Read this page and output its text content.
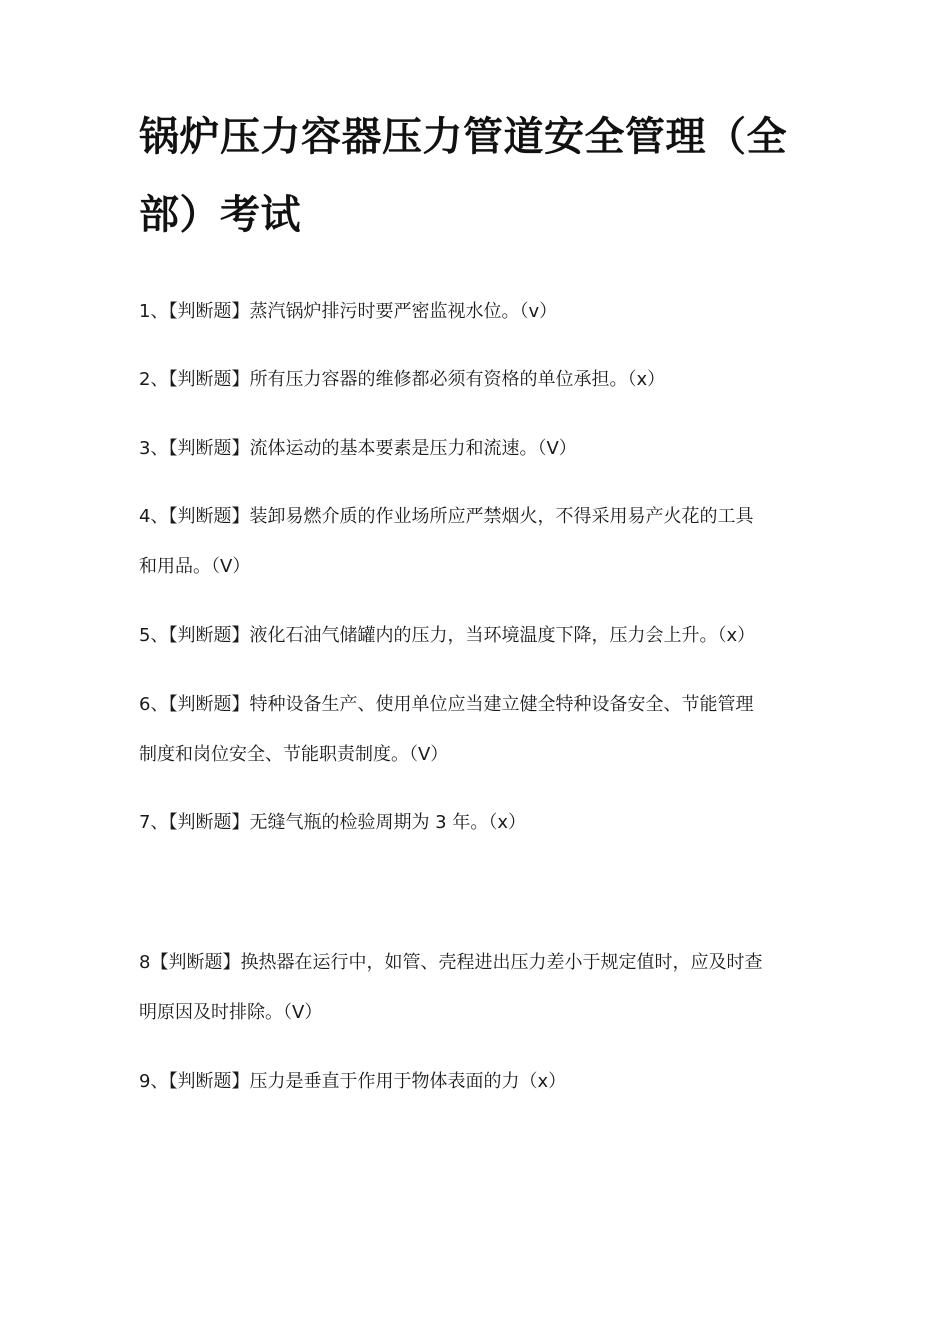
锅炉压力容器压力管道安全管理（全
部）考试

1、【判断题】蒸汽锅炉排污时要严密监视水位。（v）

2、【判断题】所有压力容器的维修都必须有资格的单位承担。（x）

3、【判断题】流体运动的基本要素是压力和流速。（V）

4、【判断题】装卸易燃介质的作业场所应严禁烟火，不得采用易产火花的工具
和用品。（V）

5、【判断题】液化石油气储罐内的压力，当环境温度下降，压力会上升。（x）

6、【判断题】特种设备生产、使用单位应当建立健全特种设备安全、节能管理
制度和岗位安全、节能职责制度。（V）

7、【判断题】无缝气瓶的检验周期为 3 年。（x）

8【判断题】换热器在运行中，如管、壳程进出压力差小于规定值时，应及时查
明原因及时排除。（V）

9、【判断题】压力是垂直于作用于物体表面的力（x）
